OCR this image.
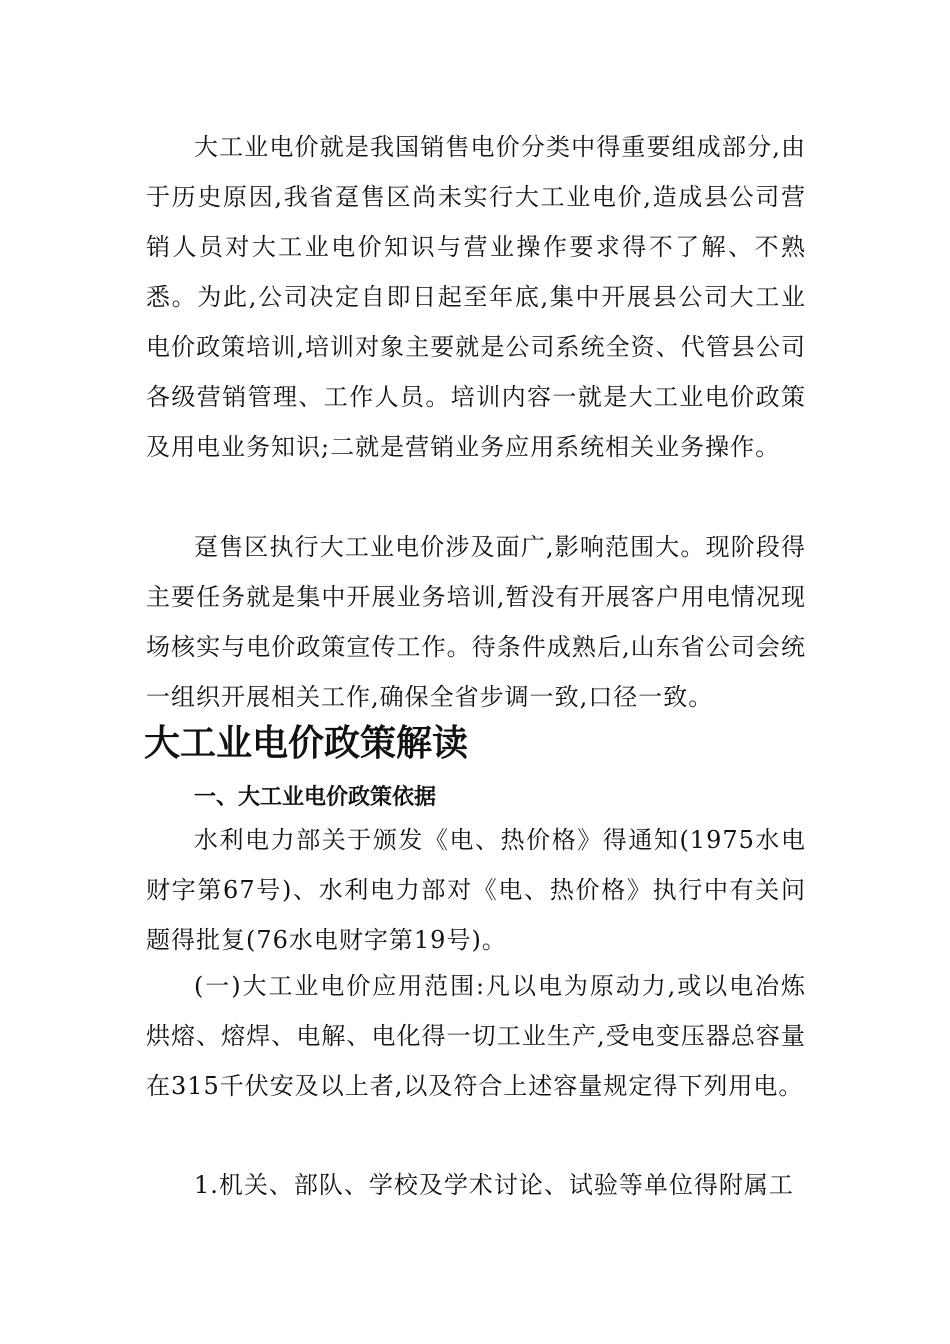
大工业电价就是我国销售电价分类中得重要组成部分,由于历史原因,我省趸售区尚未实行大工业电价,造成县公司营销人员对大工业电价知识与营业操作要求得不了解、不熟悉。为此,公司决定自即日起至年底,集中开展县公司大工业电价政策培训,培训对象主要就是公司系统全资、代管县公司各级营销管理、工作人员。培训内容一就是大工业电价政策及用电业务知识;二就是营销业务应用系统相关业务操作。

趸售区执行大工业电价涉及面广,影响范围大。现阶段得主要任务就是集中开展业务培训,暂没有开展客户用电情况现场核实与电价政策宣传工作。待条件成熟后,山东省公司会统一组织开展相关工作,确保全省步调一致,口径一致。

大工业电价政策解读
一、大工业电价政策依据

水利电力部关于颁发《电、热价格》得通知(1975水电财字第67号)、水利电力部对《电、热价格》执行中有关问题得批复(76水电财字第19号)。

(一)大工业电价应用范围:凡以电为原动力,或以电冶炼烘熔、熔焊、电解、电化得一切工业生产,受电变压器总容量在315千伏安及以上者,以及符合上述容量规定得下列用电。

1.机关、部队、学校及学术讨论、试验等单位得附属工
